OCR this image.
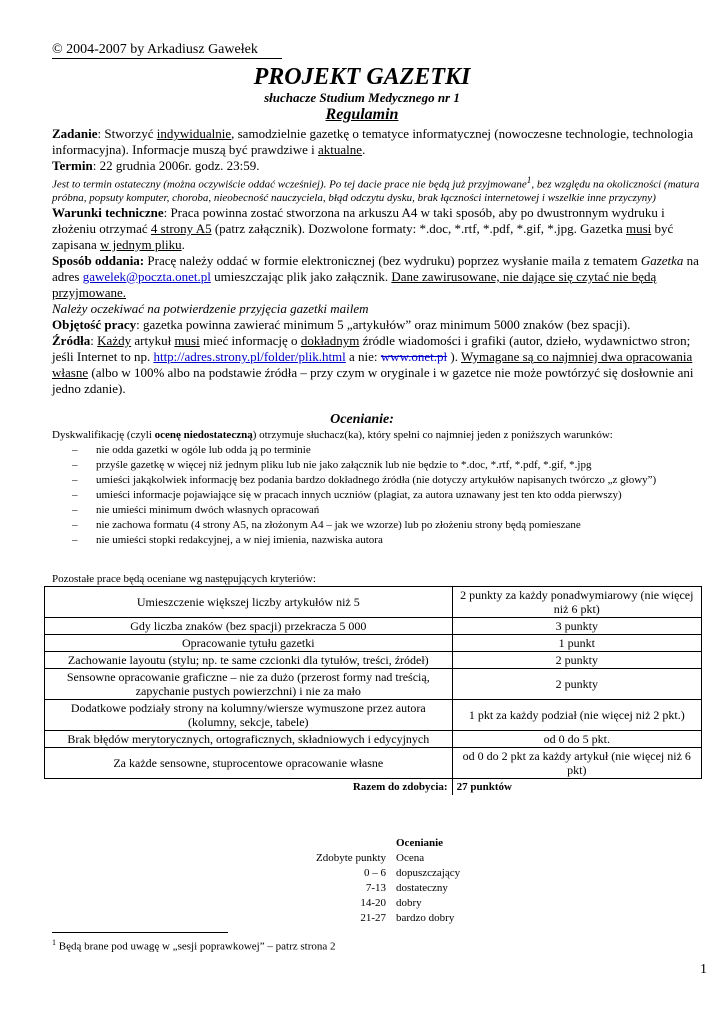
© 2004-2007 by Arkadiusz Gawełek
PROJEKT GAZETKI
słuchacze Studium Medycznego nr 1
Regulamin

Zadanie: Stworzyć indywidualnie, samodzielnie gazetkę o tematyce informatycznej (nowoczesne technologie, technologia informacyjna). Informacje muszą być prawdziwe i aktualne.

Termin: 22 grudnia 2006r. godz. 23:59.

Jest to termin ostateczny (można oczywiście oddać wcześniej). Po tej dacie prace nie będą już przyjmowane$^1$, bez względu na okoliczności (matura próbna, popsuty komputer, choroba, nieobecność nauczyciela, błąd odczytu dysku, brak łączności internetowej i wszelkie inne przyczyny)

Warunki techniczne: Praca powinna zostać stworzona na arkuszu A4 w taki sposób, aby po dwustronnym wydruku i złożeniu otrzymać 4 strony A5 (patrz załącznik). Dozwolone formaty: *.doc, *.rtf, *.pdf, *.gif, *.jpg. Gazetka musi być zapisana w jednym pliku.

Sposób oddania: Pracę należy oddać w formie elektronicznej (bez wydruku) poprzez wysłanie maila z tematem Gazetka na adres gawelek@poczta.onet.pl umieszczając plik jako załącznik. Dane zawirusowane, nie dające się czytać nie będą przyjmowane.

Należy oczekiwać na potwierdzenie przyjęcia gazetki mailem

Objętość pracy: gazetka powinna zawierać minimum 5 „artykułów” oraz minimum 5000 znaków (bez spacji).

Źródła: Każdy artykuł musi mieć informację o dokładnym źródle wiadomości i grafiki (autor, dzieło, wydawnictwo stron; jeśli Internet to np. http://adres.strony.pl/folder/plik.html a nie: www.onet.pl ). Wymagane są co najmniej dwa opracowania własne (albo w 100% albo na podstawie źródła – przy czym w oryginale i w gazetce nie może powtórzyć się dosłownie ani jedno zdanie).

Ocenianie:
Dyskwalifikację (czyli ocenę niedostateczną) otrzymuje słuchacz(ka), który spełni co najmniej jeden z poniższych warunków:
– nie odda gazetki w ogóle lub odda ją po terminie
– przyśle gazetkę w więcej niż jednym pliku lub nie jako załącznik lub nie będzie to *.doc, *.rtf, *.pdf, *.gif, *.jpg
– umieści jakąkolwiek informację bez podania bardzo dokładnego źródła (nie dotyczy artykułów napisanych twórczo „z głowy”)
– umieści informacje pojawiające się w pracach innych uczniów (plagiat, za autora uznawany jest ten kto odda pierwszy)
– nie umieści minimum dwóch własnych opracowań
– nie zachowa formatu (4 strony A5, na złożonym A4 – jak we wzorze) lub po złożeniu strony będą pomieszane
– nie umieści stopki redakcyjnej, a w niej imienia, nazwiska autora
Pozostałe prace będą oceniane wg następujących kryteriów:
Umieszczenie większej liczby artykułów niż 5	2 punkty za każdy ponadwymiarowy (nie więcej niż 6 pkt)
Gdy liczba znaków (bez spacji) przekracza 5 000	3 punkty
Opracowanie tytułu gazetki	1 punkt
Zachowanie layoutu (stylu; np. te same czcionki dla tytułów, treści, źródeł)	2 punkty
Sensowne opracowanie graficzne – nie za dużo (przerost formy nad treścią, zapychanie pustych powierzchni) i nie za mało	2 punkty
Dodatkowe podziały strony na kolumny/wiersze wymuszone przez autora (kolumny, sekcje, tabele)	1 pkt za każdy podział (nie więcej niż 2 pkt.)
Brak błędów merytorycznych, ortograficznych, składniowych i edycyjnych	od 0 do 5 pkt.
Za każde sensowne, stuprocentowe opracowanie własne	od 0 do 2 pkt za każdy artykuł (nie więcej niż 6 pkt)
Razem do zdobycia:	27 punktów
	Ocenianie
Zdobyte punkty	Ocena
0 – 6	dopuszczający
7-13	dostateczny
14-20	dobry
21-27	bardzo dobry
$^1$ Będą brane pod uwagę w „sesji poprawkowej” – patrz strona 2
1
